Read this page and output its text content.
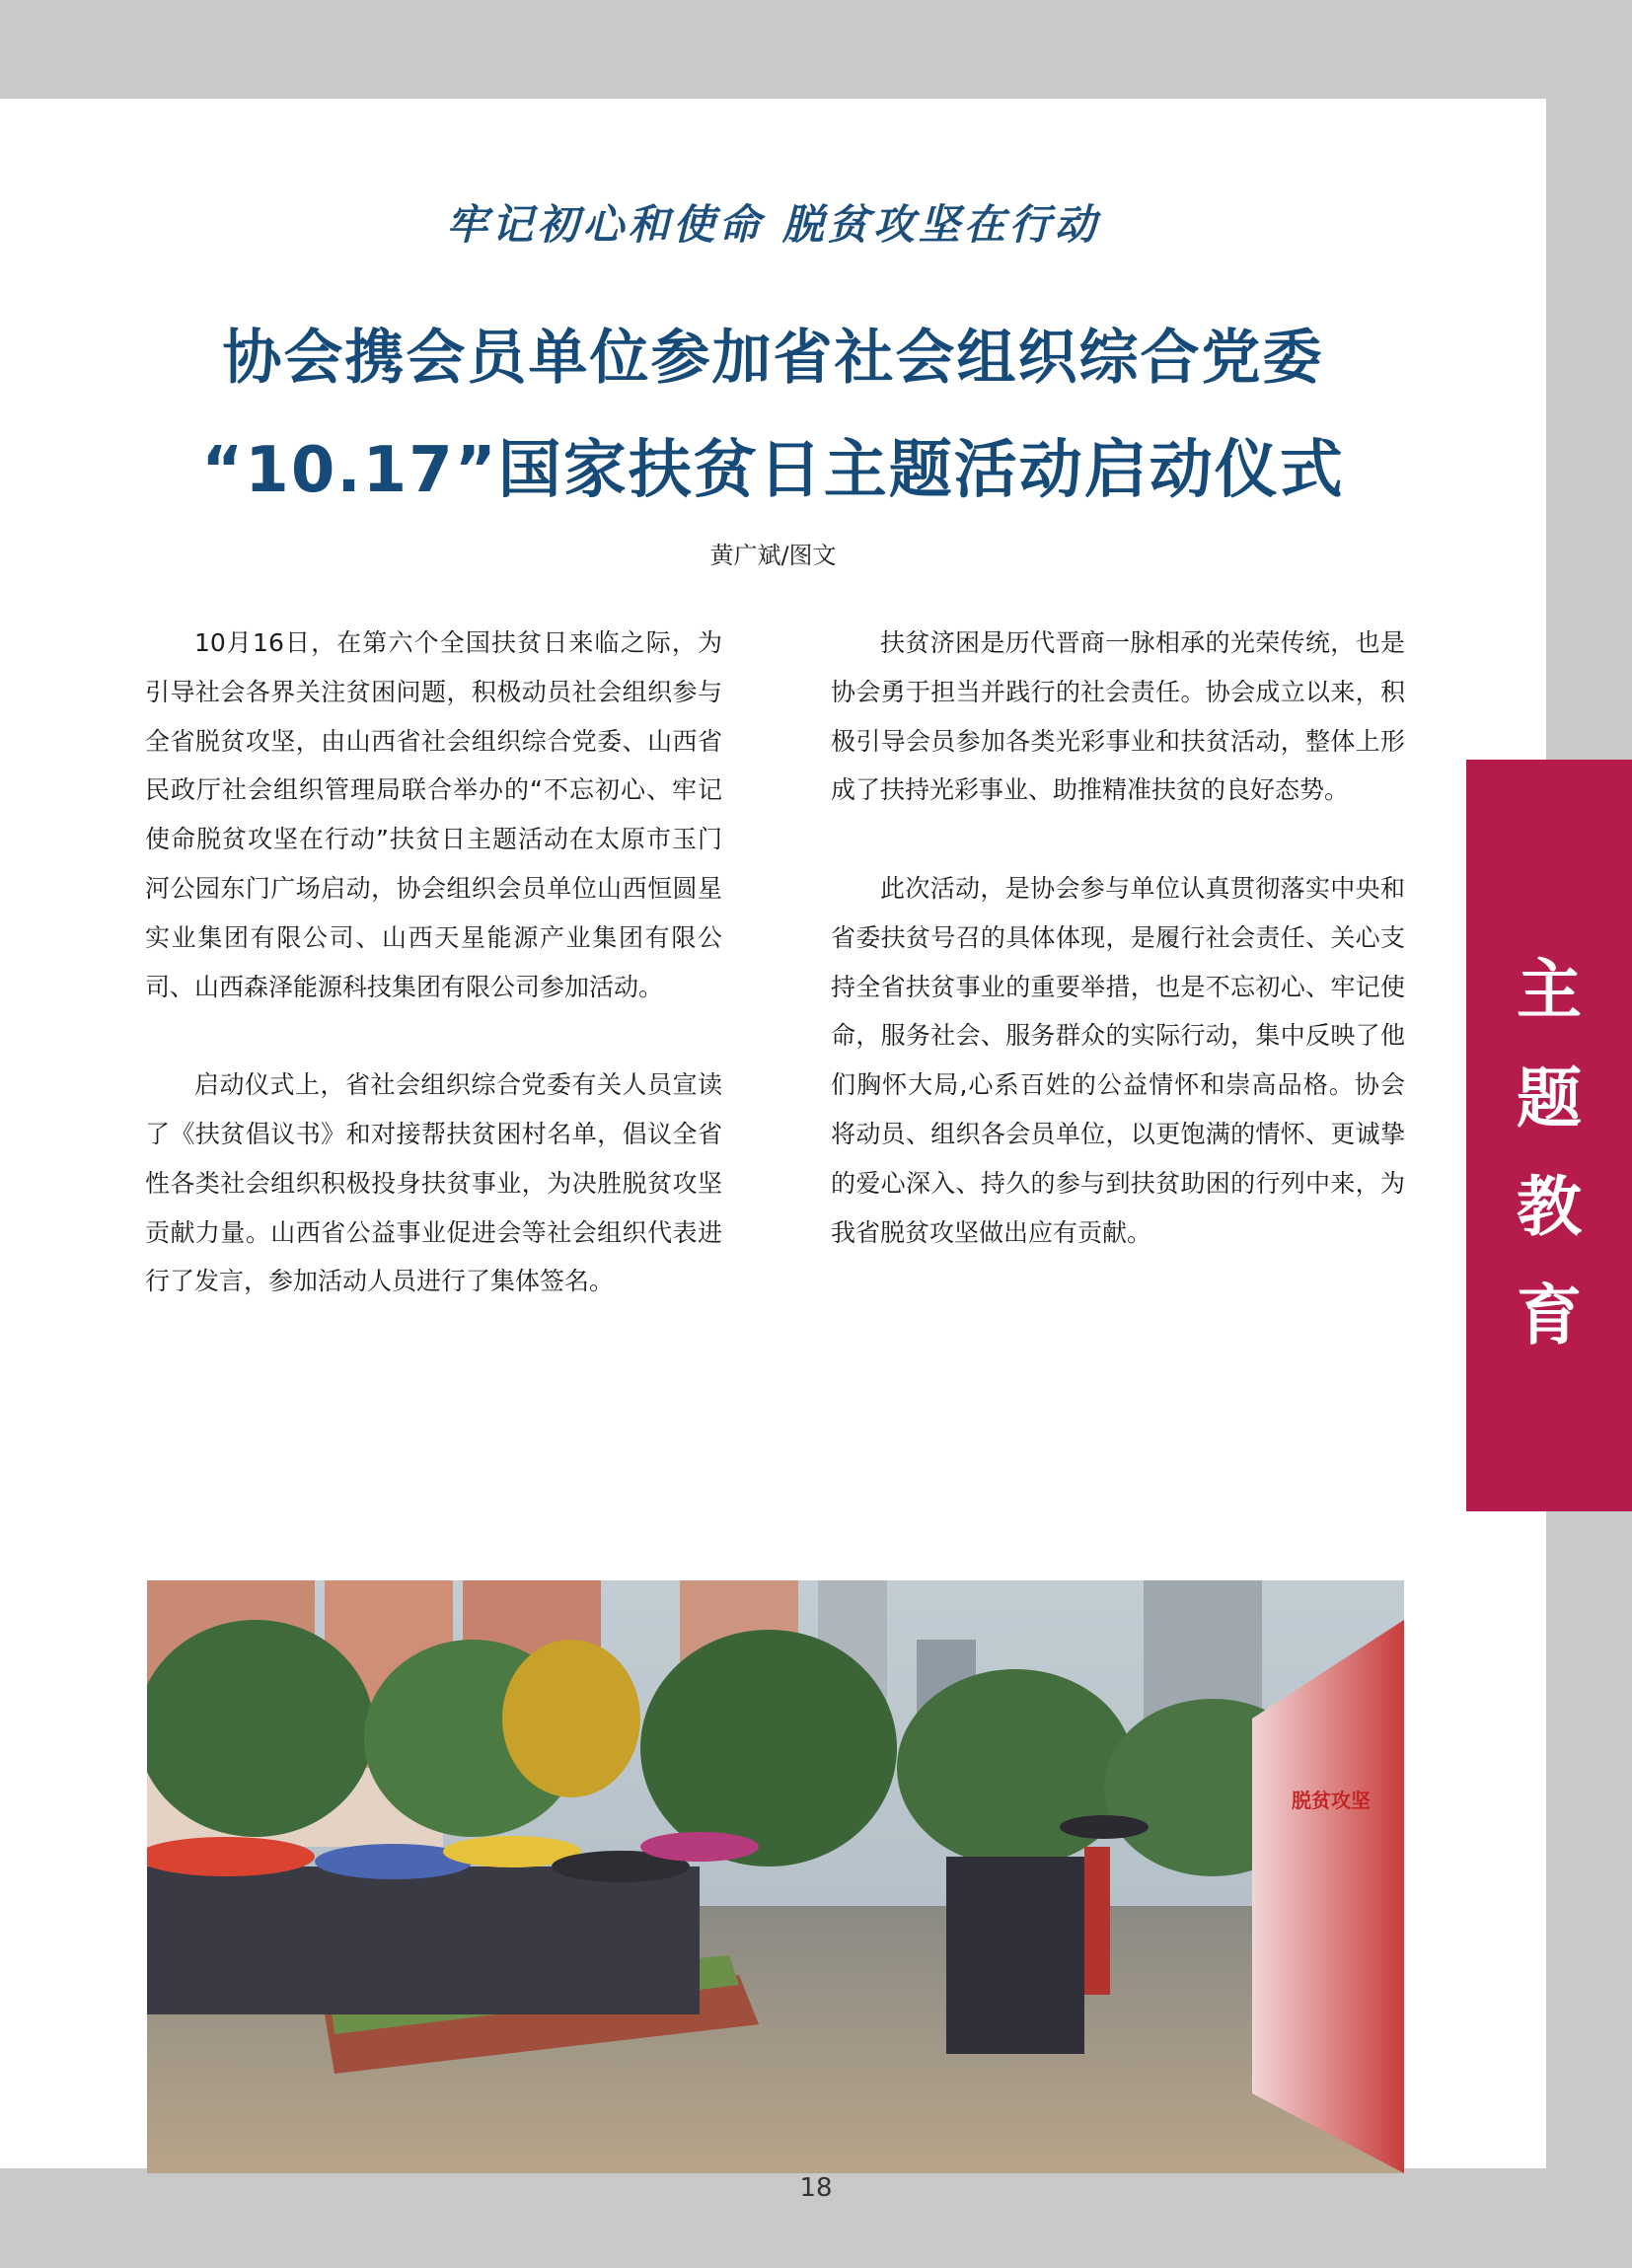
牢记初心和使命 脱贫攻坚在行动
协会携会员单位参加省社会组织综合党委
“10.17”国家扶贫日主题活动启动仪式
黄广斌/图文

10月16日，在第六个全国扶贫日来临之际，为引导社会各界关注贫困问题，积极动员社会组织参与全省脱贫攻坚，由山西省社会组织综合党委、山西省民政厅社会组织管理局联合举办的“不忘初心、牢记使命脱贫攻坚在行动”扶贫日主题活动在太原市玉门河公园东门广场启动，协会组织会员单位山西恒圆星实业集团有限公司、山西天星能源产业集团有限公司、山西森泽能源科技集团有限公司参加活动。

启动仪式上，省社会组织综合党委有关人员宣读了《扶贫倡议书》和对接帮扶贫困村名单，倡议全省性各类社会组织积极投身扶贫事业，为决胜脱贫攻坚贡献力量。山西省公益事业促进会等社会组织代表进行了发言，参加活动人员进行了集体签名。

扶贫济困是历代晋商一脉相承的光荣传统，也是协会勇于担当并践行的社会责任。协会成立以来，积极引导会员参加各类光彩事业和扶贫活动，整体上形成了扶持光彩事业、助推精准扶贫的良好态势。

此次活动，是协会参与单位认真贯彻落实中央和省委扶贫号召的具体体现，是履行社会责任、关心支持全省扶贫事业的重要举措，也是不忘初心、牢记使命，服务社会、服务群众的实际行动，集中反映了他们胸怀大局,心系百姓的公益情怀和崇高品格。协会将动员、组织各会员单位，以更饱满的情怀、更诚挚的爱心深入、持久的参与到扶贫助困的行列中来，为我省脱贫攻坚做出应有贡献。

脱贫攻坚
主
题
教
育
18
